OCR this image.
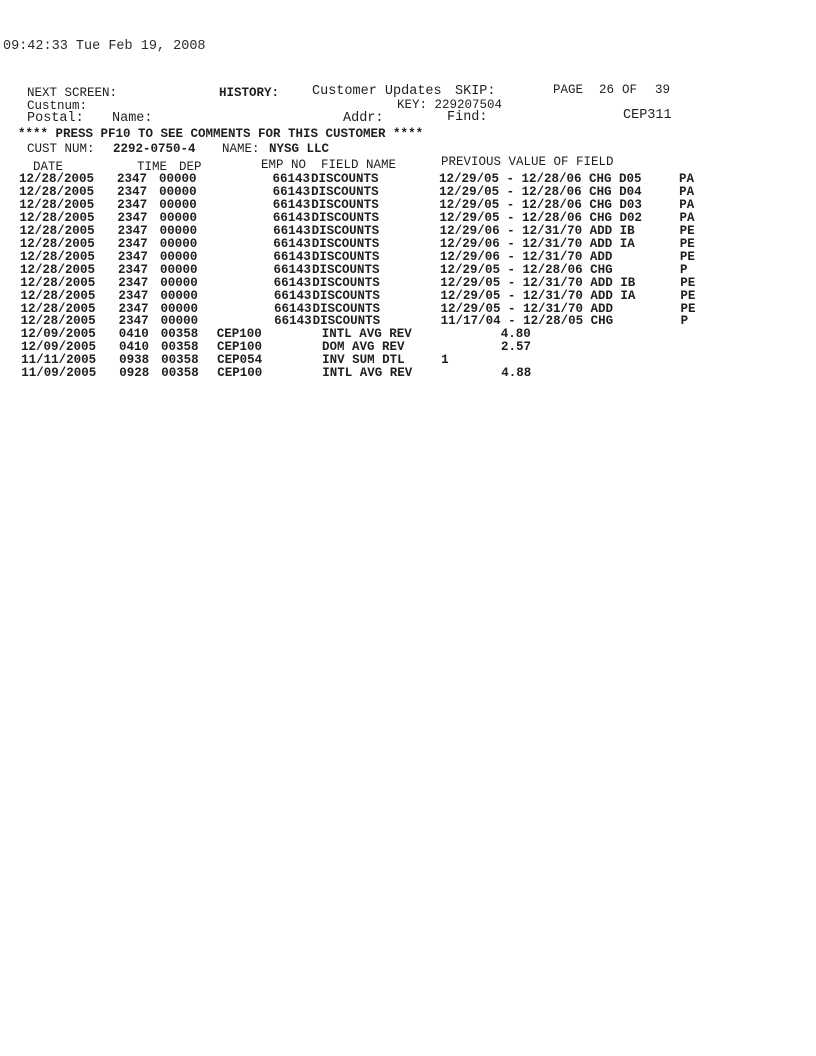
09:42:33 Tue Feb 19, 2008
NEXT SCREEN:	HISTORY: Customer Updates SKIP:	PAGE 26 OF 39
Custnum:	KEY: 229207504
Postal: Name:	Addr:	Find:	CEP311
**** PRESS PF10 TO SEE COMMENTS FOR THIS CUSTOMER ****
CUST NUM: 2292-0750-4 NAME: NYSG LLC
DATE	TIME DEP	EMP NO FIELD NAME	PREVIOUS VALUE OF FIELD
12/28/2005 2347 00000	66143 DISCOUNTS	12/29/05 - 12/28/06 CHG D05	PA
12/28/2005 2347 00000	66143 DISCOUNTS	12/29/05 - 12/28/06 CHG D04	PA
12/28/2005 2347 00000	66143 DISCOUNTS	12/29/05 - 12/28/06 CHG D03	PA
12/28/2005 2347 00000	66143 DISCOUNTS	12/29/05 - 12/28/06 CHG D02	PA
12/28/2005 2347 00000	66143 DISCOUNTS	12/29/06 - 12/31/70 ADD IB	PE
12/28/2005 2347 00000	66143 DISCOUNTS	12/29/06 - 12/31/70 ADD IA	PE
12/28/2005 2347 00000	66143 DISCOUNTS	12/29/06 - 12/31/70 ADD	PE
12/28/2005 2347 00000	66143 DISCOUNTS	12/29/05 - 12/28/06 CHG	P
12/28/2005 2347 00000	66143 DISCOUNTS	12/29/05 - 12/31/70 ADD IB	PE
12/28/2005 2347 00000	66143 DISCOUNTS	12/29/05 - 12/31/70 ADD IA	PE
12/28/2005 2347 00000	66143 DISCOUNTS	12/29/05 - 12/31/70 ADD	PE
12/28/2005 2347 00000	66143 DISCOUNTS	11/17/04 - 12/28/05 CHG	P
12/09/2005 0410 00358 CEP100	INTL AVG REV	4.80
12/09/2005 0410 00358 CEP100	DOM AVG REV	2.57
11/11/2005 0938 00358 CEP054	INV SUM DTL	1
11/09/2005 0928 00358 CEP100	INTL AVG REV	4.88
